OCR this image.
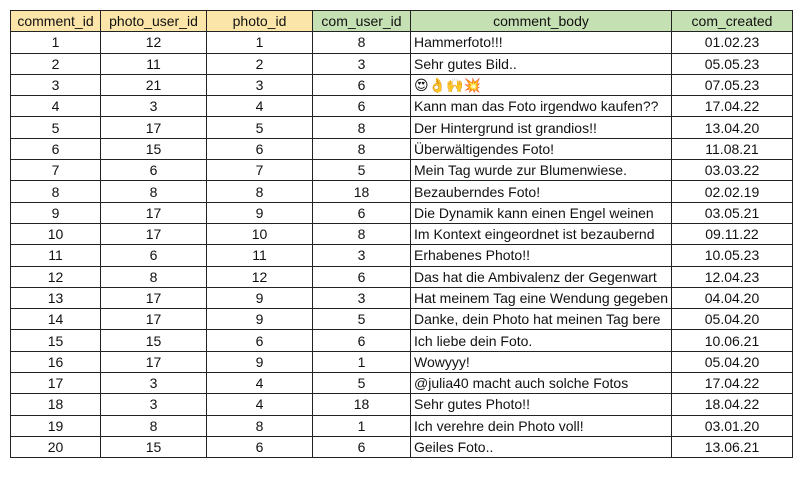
comment_id	photo_user_id	photo_id	com_user_id	comment_body	com_created
1	12	1	8	Hammerfoto!!!	01.02.23
2	11	2	3	Sehr gutes Bild..	05.05.23
3	21	3	6	😍👌🙌💥	07.05.23
4	3	4	6	Kann man das Foto irgendwo kaufen??	17.04.22
5	17	5	8	Der Hintergrund ist grandios!!	13.04.20
6	15	6	8	Überwältigendes Foto!	11.08.21
7	6	7	5	Mein Tag wurde zur Blumenwiese.	03.03.22
8	8	8	18	Bezauberndes Foto!	02.02.19
9	17	9	6	Die Dynamik kann einen Engel weinen	03.05.21
10	17	10	8	Im Kontext eingeordnet ist bezaubernd	09.11.22
11	6	11	3	Erhabenes Photo!!	10.05.23
12	8	12	6	Das hat die Ambivalenz der Gegenwart	12.04.23
13	17	9	3	Hat meinem Tag eine Wendung gegeben	04.04.20
14	17	9	5	Danke, dein Photo hat meinen Tag bere	05.04.20
15	15	6	6	Ich liebe dein Foto.	10.06.21
16	17	9	1	Wowyyy!	05.04.20
17	3	4	5	@julia40 macht auch solche Fotos	17.04.22
18	3	4	18	Sehr gutes Photo!!	18.04.22
19	8	8	1	Ich verehre dein Photo voll!	03.01.20
20	15	6	6	Geiles Foto..	13.06.21
